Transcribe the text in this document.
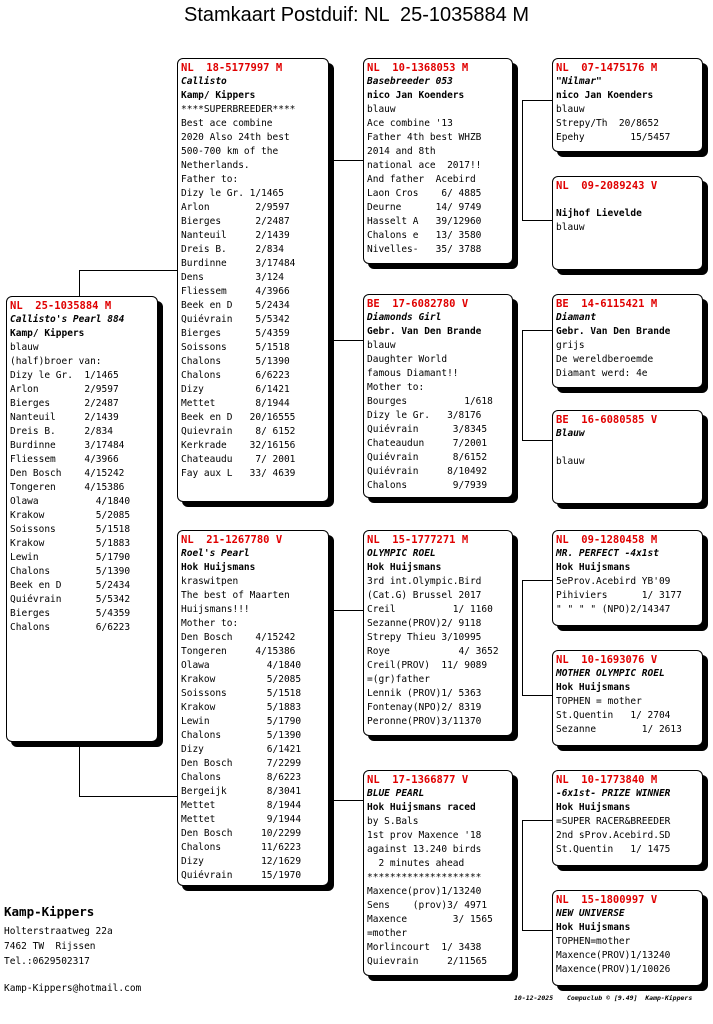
Stamkaart Postduif: NL  25-1035884 M
NL  25-1035884 M
Callisto's Pearl 884
Kamp/ Kippers
blauw
(half)broer van:
Dizy le Gr.  1/1465
Arlon        2/9597
Bierges      2/2487
Nanteuil     2/1439
Dreis B.     2/834
Burdinne     3/17484
Fliessem     4/3966
Den Bosch    4/15242
Tongeren     4/15386
Olawa          4/1840
Krakow         5/2085
Soissons       5/1518
Krakow         5/1883
Lewin          5/1790
Chalons        5/1390
Beek en D      5/2434
Quiévrain      5/5342
Bierges        5/4359
Chalons        6/6223
NL  18-5177997 M
Callisto
Kamp/ Kippers
****SUPERBREEDER****
Best ace combine
2020 Also 24th best
500-700 km of the
Netherlands.
Father to:
Dizy le Gr. 1/1465
Arlon        2/9597
Bierges      2/2487
Nanteuil     2/1439
Dreis B.     2/834
Burdinne     3/17484
Dens         3/124
Fliessem     4/3966
Beek en D    5/2434
Quiévrain    5/5342
Bierges      5/4359
Soissons     5/1518
Chalons      5/1390
Chalons      6/6223
Dizy         6/1421
Mettet       8/1944
Beek en D   20/16555
Quievrain    8/ 6152
Kerkrade    32/16156
Chateaudu    7/ 2001
Fay aux L   33/ 4639
NL  21-1267780 V
Roel's Pearl
Hok Huijsmans
kraswitpen
The best of Maarten
Huijsmans!!!
Mother to:
Den Bosch    4/15242
Tongeren     4/15386
Olawa          4/1840
Krakow         5/2085
Soissons       5/1518
Krakow         5/1883
Lewin          5/1790
Chalons        5/1390
Dizy           6/1421
Den Bosch      7/2299
Chalons        8/6223
Bergeijk       8/3041
Mettet         8/1944
Mettet         9/1944
Den Bosch     10/2299
Chalons       11/6223
Dizy          12/1629
Quiévrain     15/1970
NL  10-1368053 M
Basebreeder 053
nico Jan Koenders
blauw
Ace combine '13
Father 4th best WHZB
2014 and 8th
national ace  2017!!
And father  Acebird
Laon Cros    6/ 4885
Deurne      14/ 9749
Hasselt A   39/12960
Chalons e   13/ 3580
Nivelles-   35/ 3788
BE  17-6082780 V
Diamonds Girl
Gebr. Van Den Brande
blauw
Daughter World
famous Diamant!!
Mother to:
Bourges          1/618
Dizy le Gr.   3/8176
Quiévrain      3/8345
Chateaudun     7/2001
Quiévrain      8/6152
Quiévrain     8/10492
Chalons        9/7939
NL  15-1777271 M
OLYMPIC ROEL
Hok Huijsmans
3rd int.Olympic.Bird
(Cat.G) Brussel 2017
Creil          1/ 1160
Sezanne(PROV)2/ 9118
Strepy Thieu 3/10995
Roye            4/ 3652
Creil(PROV)  11/ 9089
=(gr)father
Lennik (PROV)1/ 5363
Fontenay(NPO)2/ 8319
Peronne(PROV)3/11370
NL  17-1366877 V
BLUE PEARL
Hok Huijsmans raced
by S.Bals
1st prov Maxence '18
against 13.240 birds
2 minutes ahead
********************
Maxence(prov)1/13240
Sens    (prov)3/ 4971
Maxence        3/ 1565
=mother
Morlincourt  1/ 3438
Quievrain     2/11565
NL  07-1475176 M
"Nilmar"
nico Jan Koenders
blauw
Strepy/Th  20/8652
Epehy        15/5457
NL  09-2089243 V

Nijhof Lievelde
blauw
BE  14-6115421 M
Diamant
Gebr. Van Den Brande
grijs
De wereldberoemde
Diamant werd: 4e
BE  16-6080585 V
Blauw

blauw
NL  09-1280458 M
MR. PERFECT -4x1st
Hok Huijsmans
5eProv.Acebird YB'09
Pihiviers      1/ 3177
" " " " (NPO)2/14347
NL  10-1693076 V
MOTHER OLYMPIC ROEL
Hok Huijsmans
TOPHEN = mother
St.Quentin   1/ 2704
Sezanne        1/ 2613
NL  10-1773840 M
-6x1st- PRIZE WINNER
Hok Huijsmans
=SUPER RACER&BREEDER
2nd sProv.Acebird.SD
St.Quentin   1/ 1475
NL  15-1800997 V
NEW UNIVERSE
Hok Huijsmans
TOPHEN=mother
Maxence(PROV)1/13240
Maxence(PROV)1/10026
Kamp-Kippers
Holterstraatweg 22a
7462 TW  Rijssen
Tel.:0629502317
Kamp-Kippers@hotmail.com
10-12-2025 Compuclub © [9.49]  Kamp-Kippers
